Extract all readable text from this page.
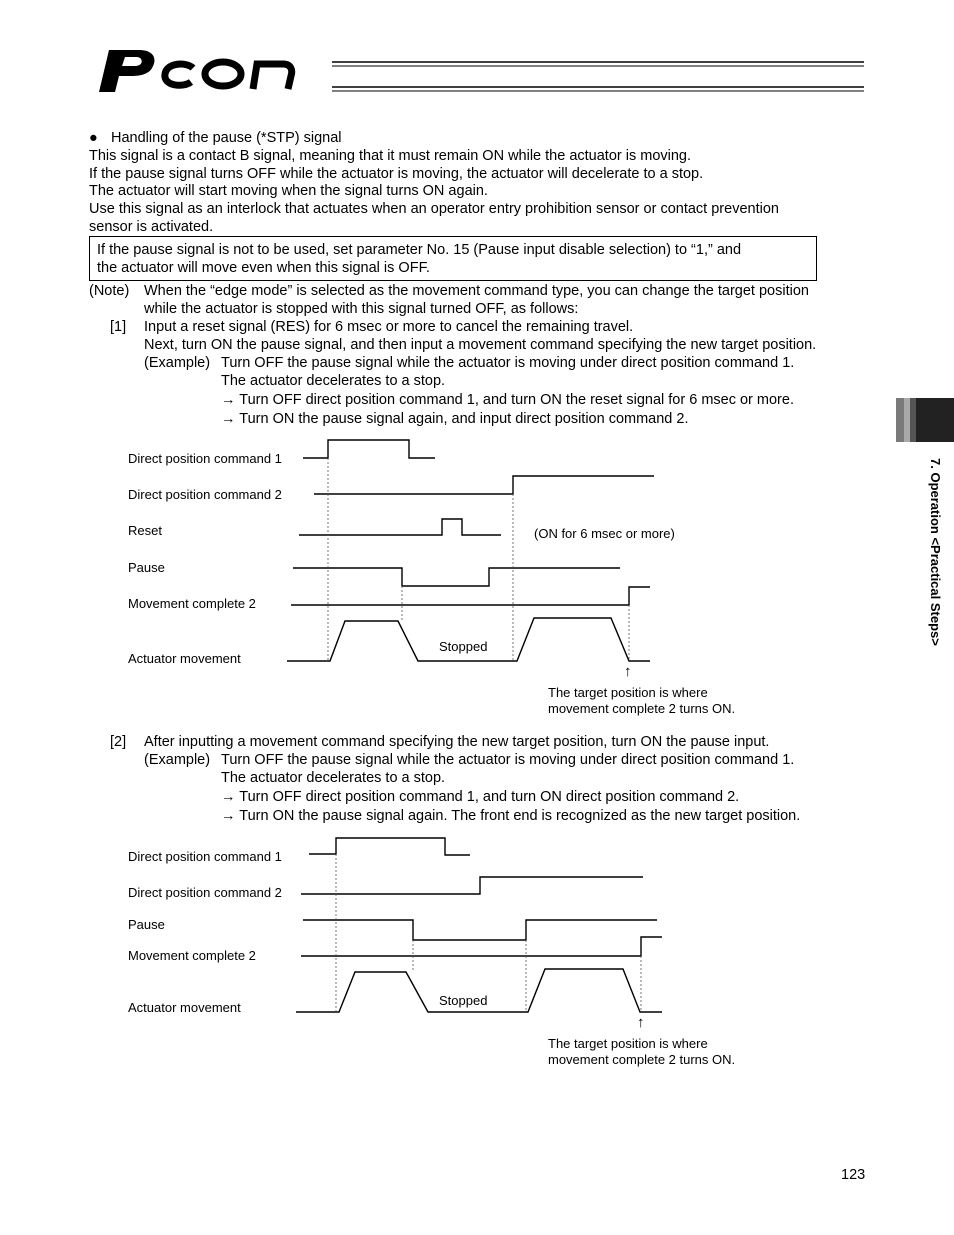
7. Operation <Practical Steps>
● Handling of the pause (*STP) signal
This signal is a contact B signal, meaning that it must remain ON while the actuator is moving.
If the pause signal turns OFF while the actuator is moving, the actuator will decelerate to a stop.
The actuator will start moving when the signal turns ON again.
Use this signal as an interlock that actuates when an operator entry prohibition sensor or contact prevention
sensor is activated.
If the pause signal is not to be used, set parameter No. 15 (Pause input disable selection) to “1,” and
the actuator will move even when this signal is OFF.
(Note) When the “edge mode” is selected as the movement command type, you can change the target position
while the actuator is stopped with this signal turned OFF, as follows:
[1] Input a reset signal (RES) for 6 msec or more to cancel the remaining travel.
Next, turn ON the pause signal, and then input a movement command specifying the new target position.
(Example) Turn OFF the pause signal while the actuator is moving under direct position command 1.
The actuator decelerates to a stop.
→ Turn OFF direct position command 1, and turn ON the reset signal for 6 msec or more.
→ Turn ON the pause signal again, and input direct position command 2.
Direct position command 1
Direct position command 2
Reset
Pause
Movement complete 2
Actuator movement
(ON for 6 msec or more)
Stopped
↑
The target position is where
movement complete 2 turns ON.
[2] After inputting a movement command specifying the new target position, turn ON the pause input.
(Example) Turn OFF the pause signal while the actuator is moving under direct position command 1.
The actuator decelerates to a stop.
→ Turn OFF direct position command 1, and turn ON direct position command 2.
→ Turn ON the pause signal again. The front end is recognized as the new target position.
Direct position command 1
Direct position command 2
Pause
Movement complete 2
Actuator movement	Stopped
↑
The target position is where
movement complete 2 turns ON.
123
